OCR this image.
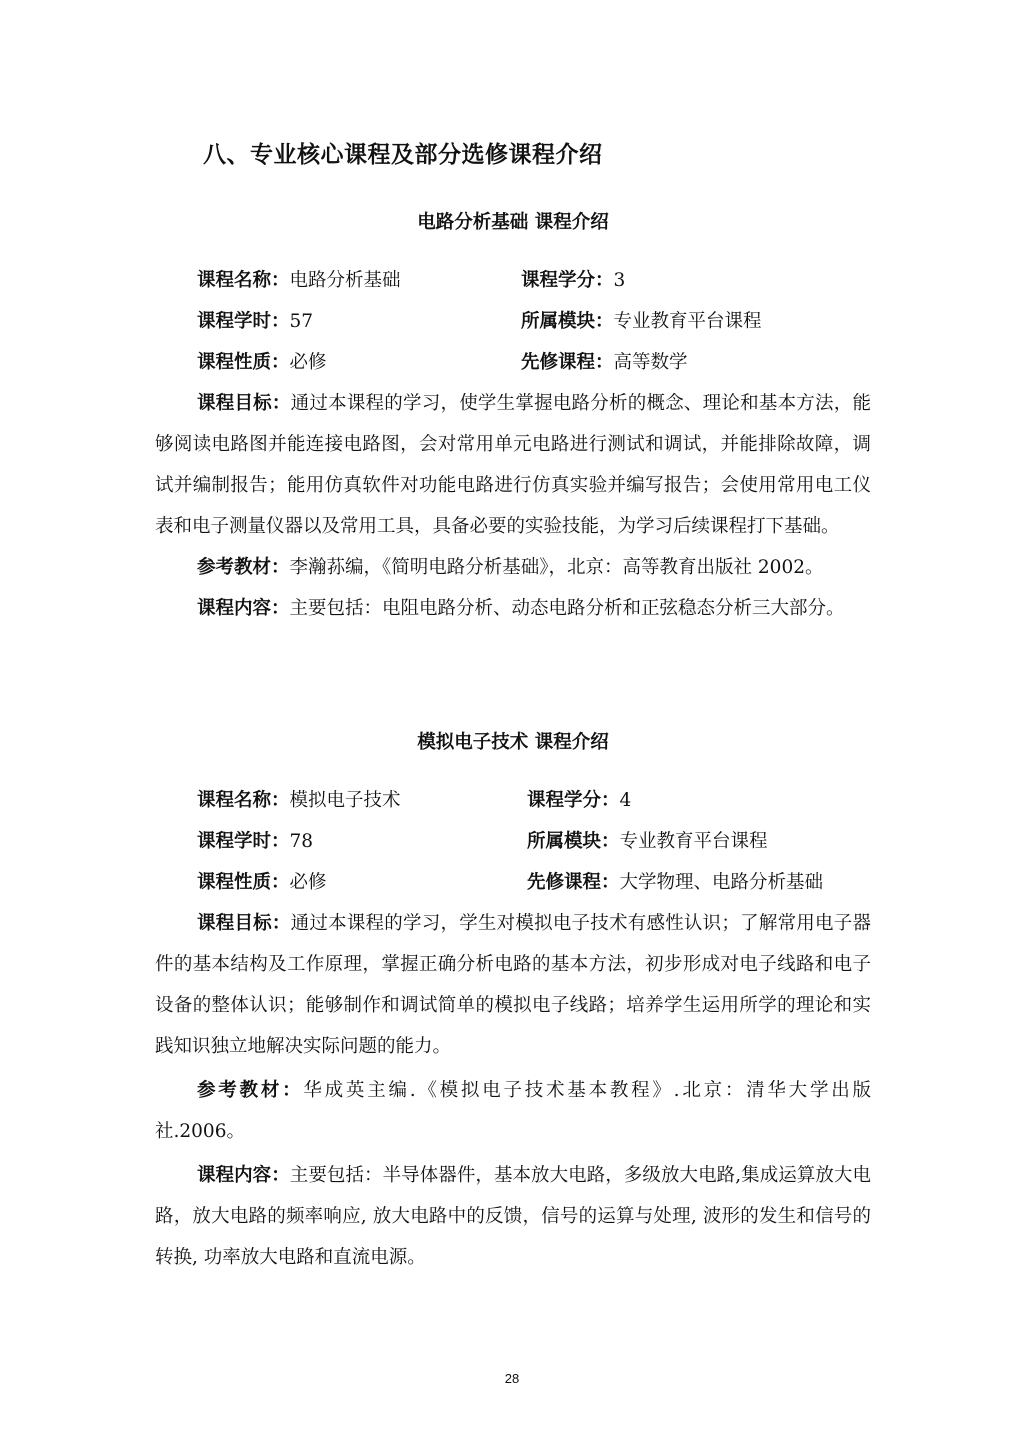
八、专业核心课程及部分选修课程介绍
电路分析基础 课程介绍
课程名称： 电路分析基础	课程学分： 3
课程学时： 57	所属模块： 专业教育平台课程
课程性质： 必修	先修课程： 高等数学

课程目标：通过本课程的学习，使学生掌握电路分析的概念、理论和基本方法，能够阅读电路图并能连接电路图，会对常用单元电路进行测试和调试，并能排除故障，调试并编制报告；能用仿真软件对功能电路进行仿真实验并编写报告；会使用常用电工仪表和电子测量仪器以及常用工具，具备必要的实验技能，为学习后续课程打下基础。

参考教材：李瀚荪编，《简明电路分析基础》，北京：高等教育出版社 2002。

课程内容：主要包括：电阻电路分析、动态电路分析和正弦稳态分析三大部分。

模拟电子技术 课程介绍
课程名称： 模拟电子技术	课程学分： 4
课程学时： 78	所属模块： 专业教育平台课程
课程性质： 必修	先修课程： 大学物理、电路分析基础

课程目标：通过本课程的学习，学生对模拟电子技术有感性认识；了解常用电子器件的基本结构及工作原理，掌握正确分析电路的基本方法，初步形成对电子线路和电子设备的整体认识；能够制作和调试简单的模拟电子线路；培养学生运用所学的理论和实践知识独立地解决实际问题的能力。

参考教材：华成英主编.《模拟电子技术基本教程》.北京：清华大学出版社.2006。

课程内容：主要包括：半导体器件，基本放大电路，多级放大电路,集成运算放大电路，放大电路的频率响应, 放大电路中的反馈，信号的运算与处理, 波形的发生和信号的转换, 功率放大电路和直流电源。

28
